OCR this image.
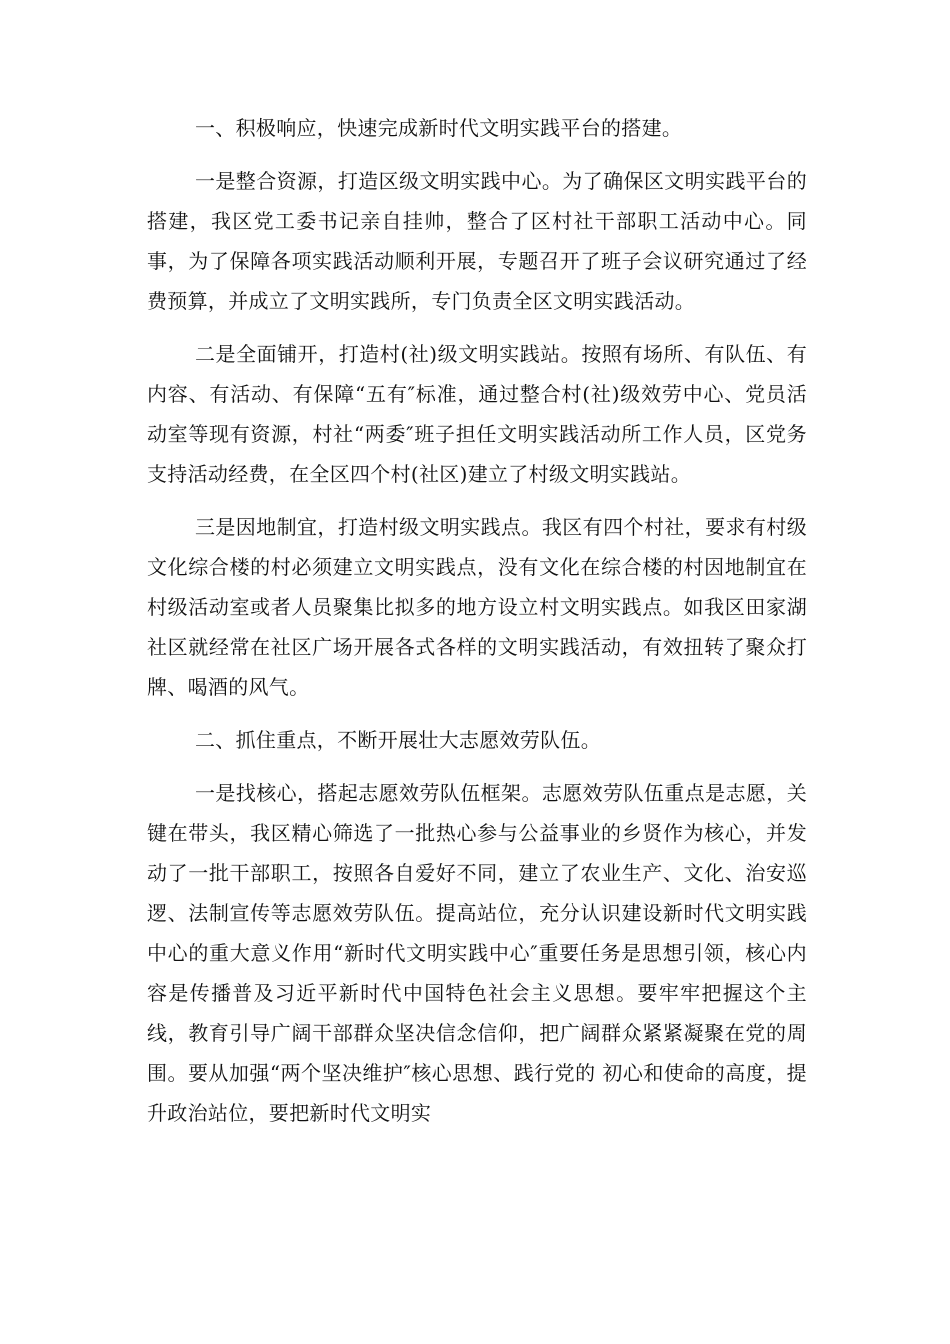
一、积极响应，快速完成新时代文明实践平台的搭建。

一是整合资源，打造区级文明实践中心。为了确保区文明实践平台的搭建，我区党工委书记亲自挂帅，整合了区村社干部职工活动中心。同事，为了保障各项实践活动顺利开展，专题召开了班子会议研究通过了经费预算，并成立了文明实践所，专门负责全区文明实践活动。

二是全面铺开，打造村(社)级文明实践站。按照有场所、有队伍、有内容、有活动、有保障“五有″标准，通过整合村(社)级效劳中心、党员活动室等现有资源，村社“两委″班子担任文明实践活动所工作人员，区党务支持活动经费，在全区四个村(社区)建立了村级文明实践站。

三是因地制宜，打造村级文明实践点。我区有四个村社，要求有村级文化综合楼的村必须建立文明实践点，没有文化在综合楼的村因地制宜在村级活动室或者人员聚集比拟多的地方设立村文明实践点。如我区田家湖社区就经常在社区广场开展各式各样的文明实践活动，有效扭转了聚众打牌、喝酒的风气。

二、抓住重点，不断开展壮大志愿效劳队伍。

一是找核心，搭起志愿效劳队伍框架。志愿效劳队伍重点是志愿，关键在带头，我区精心筛选了一批热心参与公益事业的乡贤作为核心，并发动了一批干部职工，按照各自爱好不同，建立了农业生产、文化、治安巡逻、法制宣传等志愿效劳队伍。提高站位，充分认识建设新时代文明实践中心的重大意义作用“新时代文明实践中心″重要任务是思想引领，核心内容是传播普及习近平新时代中国特色社会主义思想。要牢牢把握这个主线，教育引导广阔干部群众坚决信念信仰，把广阔群众紧紧凝聚在党的周围。要从加强“两个坚决维护″核心思想、践行党的 初心和使命的高度，提升政治站位，要把新时代文明实
